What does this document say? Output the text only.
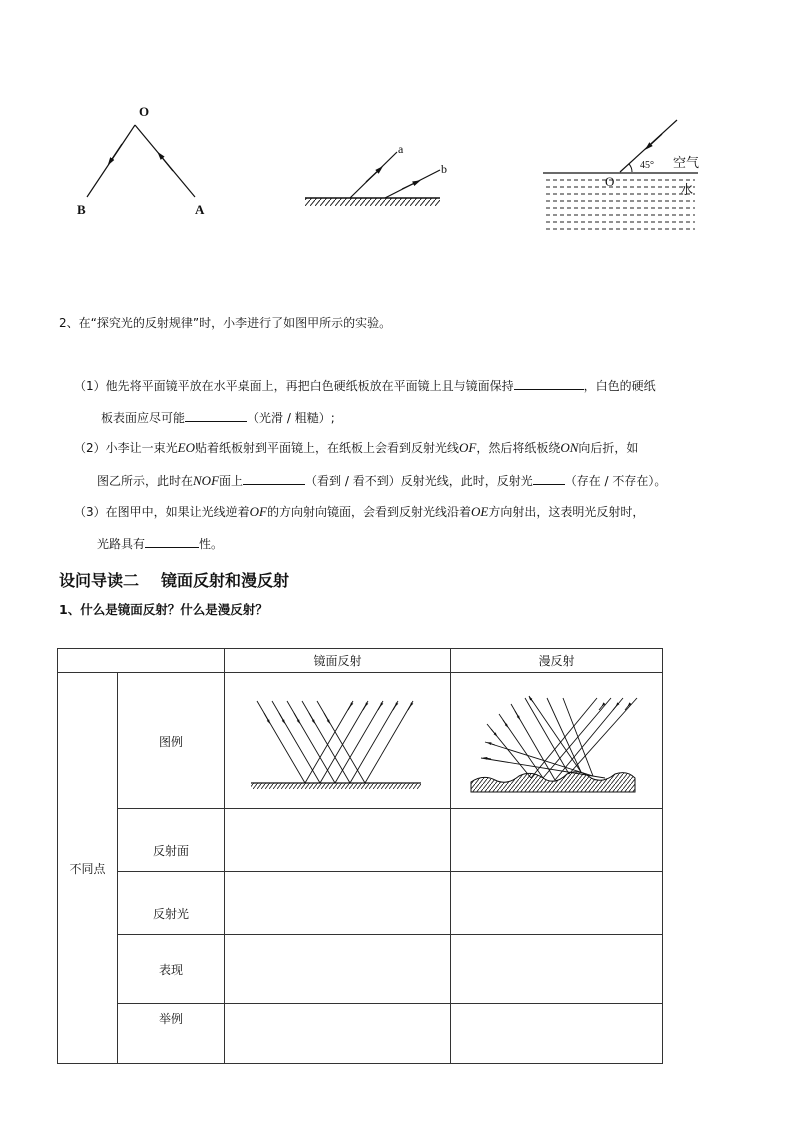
O
B	A
a
b	45° 空气
水
O
2、在“探究光的反射规律”时，小李进行了如图甲所示的实验。
（1）他先将平面镜平放在水平桌面上，再把白色硬纸板放在平面镜上且与镜面保持	，白色的硬纸
板表面应尽可能	（光滑 / 粗糙）;
（2）小李让一束光EO贴着纸板射到平面镜上，在纸板上会看到反射光线OF，然后将纸板绕ON向后折，如
图乙所示，此时在NOF面上	（看到 / 看不到）反射光线，此时，反射光	（存在 / 不存在）。
（3）在图甲中，如果让光线逆着OF的方向射向镜面，会看到反射光线沿着OE方向射出，这表明光反射时，
光路具有	性。
设问导读二 镜面反射和漫反射
1、什么是镜面反射？什么是漫反射？
		镜面反射	漫反射
不同点	图例	

	反射面		
	反射光		
	表现		
	举例		
